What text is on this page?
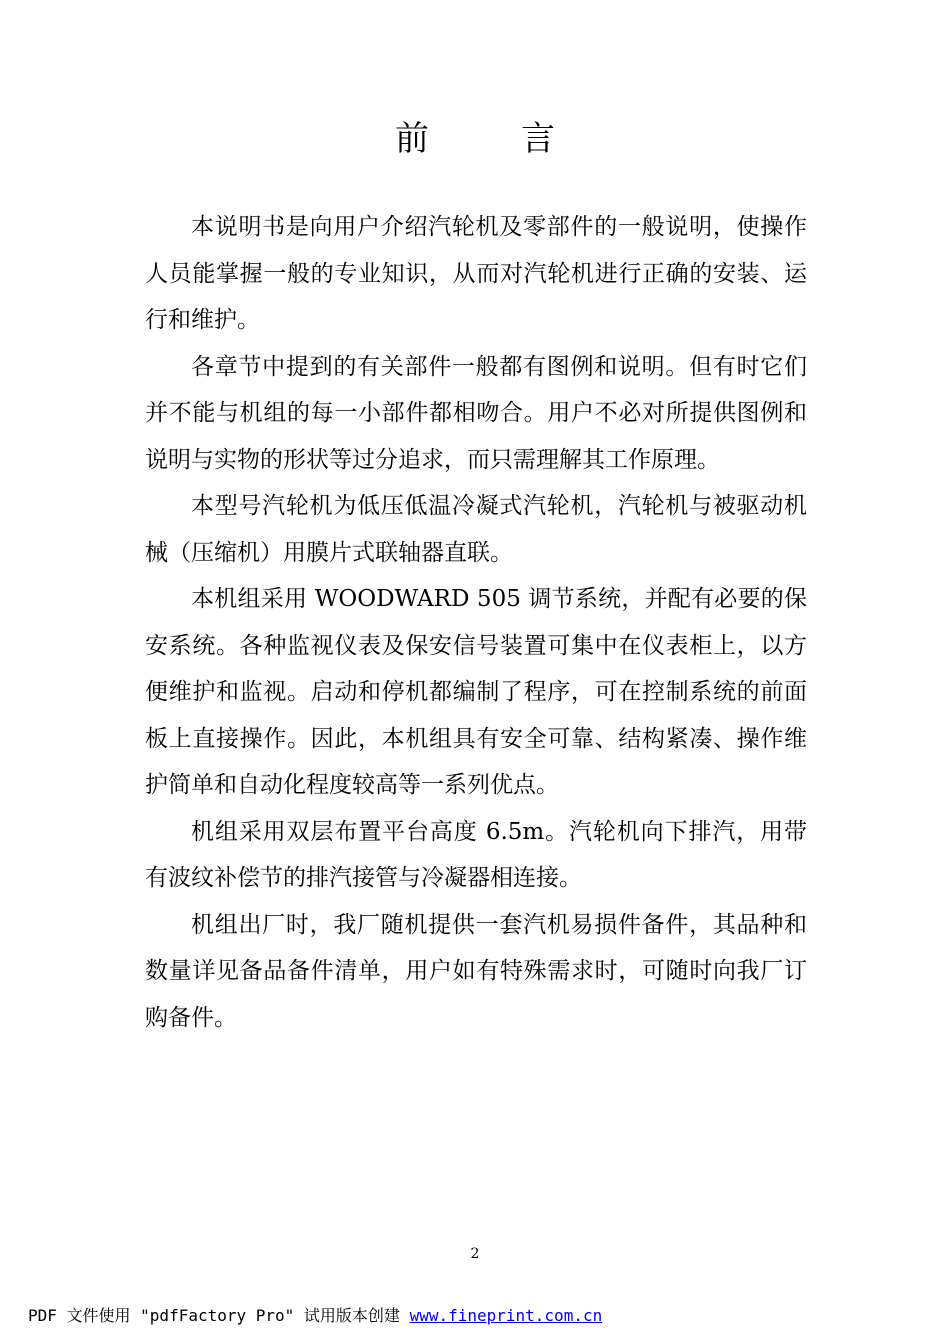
前言

本说明书是向用户介绍汽轮机及零部件的一般说明，使操作人员能掌握一般的专业知识，从而对汽轮机进行正确的安装、运行和维护。

各章节中提到的有关部件一般都有图例和说明。但有时它们并不能与机组的每一小部件都相吻合。用户不必对所提供图例和说明与实物的形状等过分追求，而只需理解其工作原理。

本型号汽轮机为低压低温冷凝式汽轮机，汽轮机与被驱动机械（压缩机）用膜片式联轴器直联。

本机组采用 WOODWARD 505 调节系统，并配有必要的保安系统。各种监视仪表及保安信号装置可集中在仪表柜上，以方便维护和监视。启动和停机都编制了程序，可在控制系统的前面板上直接操作。因此，本机组具有安全可靠、结构紧凑、操作维护简单和自动化程度较高等一系列优点。

机组采用双层布置平台高度 6.5m。汽轮机向下排汽，用带有波纹补偿节的排汽接管与冷凝器相连接。

机组出厂时，我厂随机提供一套汽机易损件备件，其品种和数量详见备品备件清单，用户如有特殊需求时，可随时向我厂订购备件。

2
PDF 文件使用 "pdfFactory Pro" 试用版本创建 www.fineprint.com.cn
